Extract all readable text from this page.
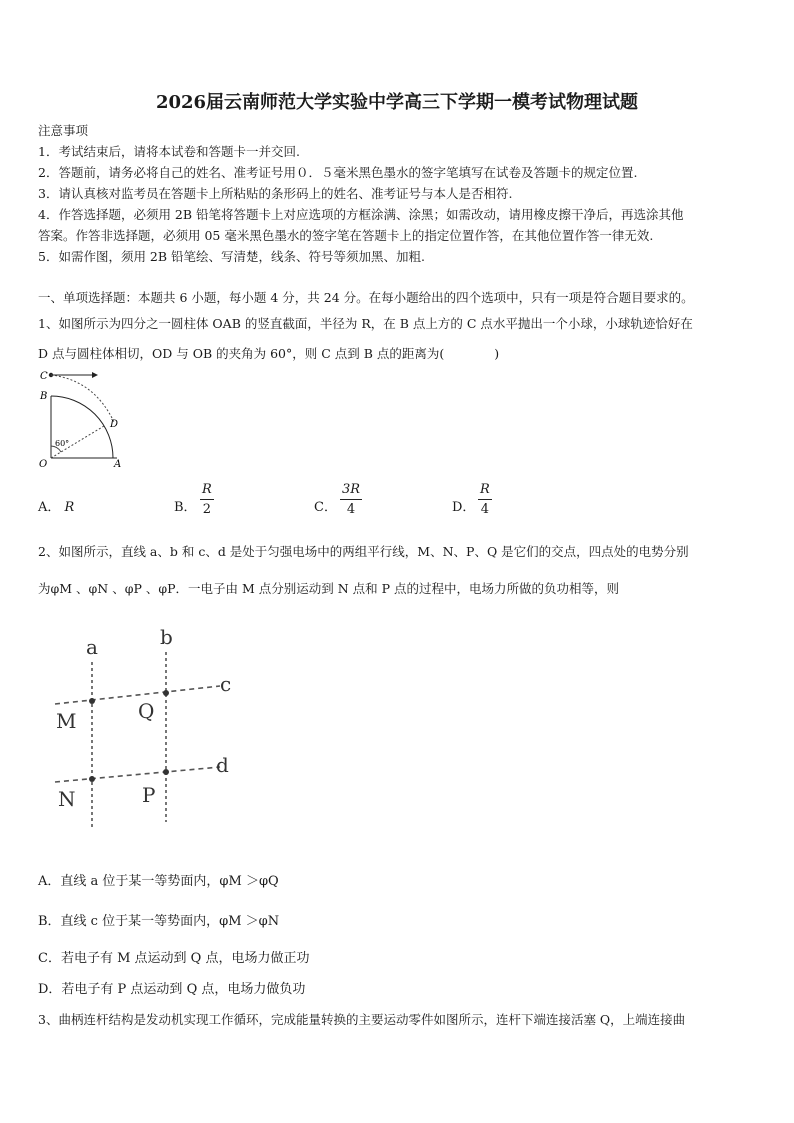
2026届云南师范大学实验中学高三下学期一模考试物理试题
注意事项
1．考试结束后，请将本试卷和答题卡一并交回.
2．答题前，请务必将自己的姓名、准考证号用０．５毫米黑色墨水的签字笔填写在试卷及答题卡的规定位置.
3．请认真核对监考员在答题卡上所粘贴的条形码上的姓名、准考证号与本人是否相符.
4．作答选择题，必须用 2B 铅笔将答题卡上对应选项的方框涂满、涂黑；如需改动，请用橡皮擦干净后，再选涂其他
答案。作答非选择题，必须用 05 毫米黑色墨水的签字笔在答题卡上的指定位置作答，在其他位置作答一律无效.
5．如需作图，须用 2B 铅笔绘、写清楚，线条、符号等须加黑、加粗.
一、单项选择题：本题共 6 小题，每小题 4 分，共 24 分。在每小题给出的四个选项中，只有一项是符合题目要求的。
1、如图所示为四分之一圆柱体 OAB 的竖直截面，半径为 R，在 B 点上方的 C 点水平抛出一个小球，小球轨迹恰好在
D 点与圆柱体相切，OD 与 OB 的夹角为 60°，则 C 点到 B 点的距离为(　　　　)
C
B
D
O	A
60°
A． R	B．
R
2	C．
3R
4	D．
R
4
2、如图所示，直线 a、b 和 c、d 是处于匀强电场中的两组平行线，M、N、P、Q 是它们的交点，四点处的电势分别
为φM 、φN 、φP 、φP．一电子由 M 点分别运动到 N 点和 P 点的过程中，电场力所做的负功相等，则
a	b
c
d
M	Q
N	P
A．直线 a 位于某一等势面内，φM ＞φQ
B．直线 c 位于某一等势面内，φM ＞φN
C．若电子有 M 点运动到 Q 点，电场力做正功
D．若电子有 P 点运动到 Q 点，电场力做负功
3、曲柄连杆结构是发动机实现工作循环，完成能量转换的主要运动零件如图所示，连杆下端连接活塞 Q，上端连接曲
